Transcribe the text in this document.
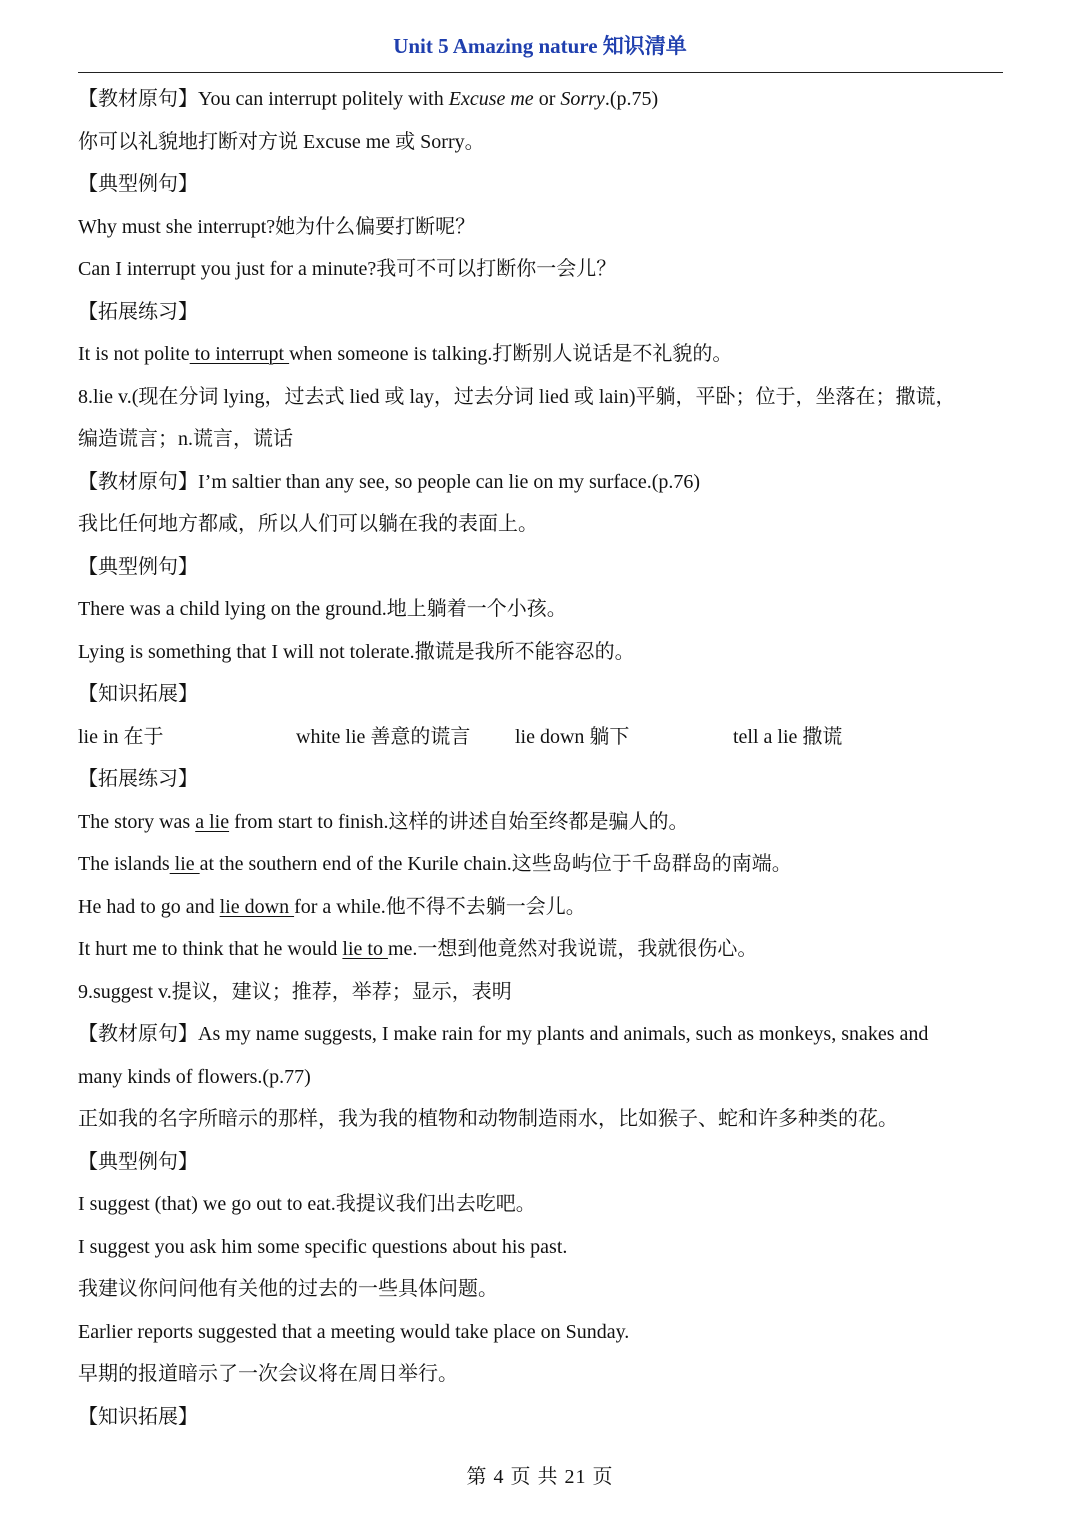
Unit 5 Amazing nature 知识清单
【教材原句】You can interrupt politely with Excuse me or Sorry.(p.75)
你可以礼貌地打断对方说 Excuse me 或 Sorry。
【典型例句】
Why must she interrupt?她为什么偏要打断呢？
Can I interrupt you just for a minute?我可不可以打断你一会儿？
【拓展练习】
It is not polite to interrupt when someone is talking.打断别人说话是不礼貌的。
8.lie v.(现在分词 lying，过去式 lied 或 lay，过去分词 lied 或 lain)平躺，平卧；位于，坐落在；撒谎，
编造谎言；n.谎言，谎话
【教材原句】I’m saltier than any see, so people can lie on my surface.(p.76)
我比任何地方都咸，所以人们可以躺在我的表面上。
【典型例句】
There was a child lying on the ground.地上躺着一个小孩。
Lying is something that I will not tolerate.撒谎是我所不能容忍的。
【知识拓展】
lie in 在于	white lie 善意的谎言 lie down 躺下	tell a lie 撒谎
【拓展练习】
The story was a lie from start to finish.这样的讲述自始至终都是骗人的。
The islands lie at the southern end of the Kurile chain.这些岛屿位于千岛群岛的南端。
He had to go and lie down for a while.他不得不去躺一会儿。
It hurt me to think that he would lie to me.一想到他竟然对我说谎，我就很伤心。
9.suggest v.提议，建议；推荐，举荐；显示，表明
【教材原句】As my name suggests, I make rain for my plants and animals, such as monkeys, snakes and
many kinds of flowers.(p.77)
正如我的名字所暗示的那样，我为我的植物和动物制造雨水，比如猴子、蛇和许多种类的花。
【典型例句】
I suggest (that) we go out to eat.我提议我们出去吃吧。
I suggest you ask him some specific questions about his past.
我建议你问问他有关他的过去的一些具体问题。
Earlier reports suggested that a meeting would take place on Sunday.
早期的报道暗示了一次会议将在周日举行。
【知识拓展】
第 4 页 共 21 页
